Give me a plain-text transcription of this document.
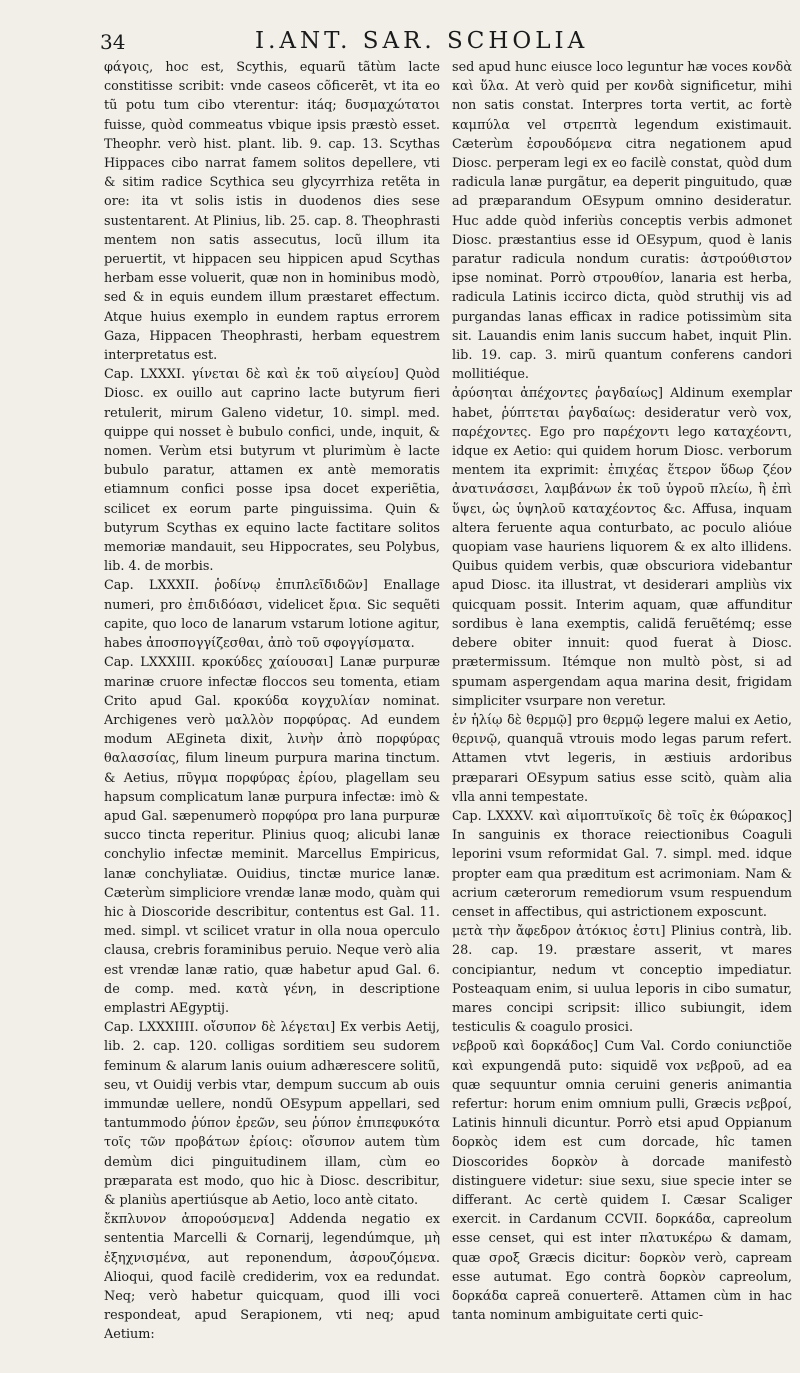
34	I.ANT. SAR. SCHOLIA

φάγοις, hoc est, Scythis, equarũ tãtùm lacte constitisse scribit: vnde caseos cõficerēt, vt ita eo tũ potu tum cibo vterentur: itáq; δυσμαχώτατοι fuisse, quòd commeatus vbique ipsis præstò esset. Theophr. verò hist. plant. lib. 9. cap. 13. Scythas Hippaces cibo narrat famem solitos depellere, vti & sitim radice Scythica seu glycyrrhiza retẽta in ore: ita vt solis istis in duodenos dies sese sustentarent. At Plinius, lib. 25. cap. 8. Theophrasti mentem non satis assecutus, locũ illum ita peruertit, vt hippacen seu hippicen apud Scythas herbam esse voluerit, quæ non in hominibus modò, sed & in equis eundem illum præstaret effectum. Atque huius exemplo in eundem raptus errorem Gaza, Hippacen Theophrasti, herbam equestrem interpretatus est.

Cap. LXXXI. γίνεται δὲ καὶ ἐκ τοῦ αἰγείου] Quòd Diosc. ex ouillo aut caprino lacte butyrum fieri retulerit, mirum Galeno videtur, 10. simpl. med. quippe qui nosset è bubulo confici, unde, inquit, & nomen. Verùm etsi butyrum vt plurimùm è lacte bubulo paratur, attamen ex antè memoratis etiamnum confici posse ipsa docet experiẽtia, scilicet ex eorum parte pinguissima. Quin & butyrum Scythas ex equino lacte factitare solitos memoriæ mandauit, seu Hippocrates, seu Polybus, lib. 4. de morbis.

Cap. LXXXII. ῥοδίνῳ ἐπιπλεῖδιδῶν] Enallage numeri, pro ἐπιδιδόασι, videlicet ἔρια. Sic sequẽti capite, quo loco de lanarum vstarum lotione agitur, habes ἀποσπογγίζεσθαι, ἀπὸ τοῦ σφογγίσματα.

Cap. LXXXIII. κροκύδες χαίουσαι] Lanæ purpuræ marinæ cruore infectæ floccos seu tomenta, etiam Crito apud Gal. κροκύδα κογχυλίαν nominat. Archigenes verò μαλλὸν πορφύρας. Ad eundem modum AEgineta dixit, λινὴν ἀπὸ πορφύρας θαλασσίας, filum lineum purpura marina tinctum. & Aetius, πῦγμα πορφύρας ἐρίου, plagellam seu hapsum complicatum lanæ purpura infectæ: imò & apud Gal. sæpenumerò πορφύρα pro lana purpuræ succo tincta reperitur. Plinius quoq; alicubi lanæ conchylio infectæ meminit. Marcellus Empiricus, lanæ conchyliatæ. Ouidius, tinctæ murice lanæ. Cæterùm simpliciore vrendæ lanæ modo, quàm qui hic à Dioscoride describitur, contentus est Gal. 11. med. simpl. vt scilicet vratur in olla noua operculo clausa, crebris foraminibus peruio. Neque verò alia est vrendæ lanæ ratio, quæ habetur apud Gal. 6. de comp. med. κατὰ γένη, in descriptione emplastri AEgyptij.

Cap. LXXXIIII. οἴσυπον δὲ λέγεται] Ex verbis Aetij, lib. 2. cap. 120. colligas sorditiem seu sudorem feminum & alarum lanis ouium adhærescere solitũ, seu, vt Ouidij verbis vtar, dempum succum ab ouis immundæ uellere, nondũ OEsypum appellari, sed tantummodo ῥύπον ἐρεῶν, seu ῥύπον ἐπιπεφυκότα τοῖς τῶν προβάτων ἐρίοις: οἴσυπον autem tùm demùm dici pinguitudinem illam, cùm eo præparata est modo, quo hic à Diosc. describitur, & planiùs apertiúsque ab Aetio, loco antè citato.

ἔκπλυνον ἀπορούσμενα] Addenda negatio ex sententia Marcelli & Cornarij, legendúmque, μὴ ἐξηχνισμένα, aut reponendum, ἀσρουζόμενα. Alioqui, quod facilè crediderim, vox ea redundat. Neq; verò habetur quicquam, quod illi voci respondeat, apud Serapionem, vti neq; apud Aetium:

sed apud hunc eiusce loco leguntur hæ voces κονδὰ καὶ ὕλα. At verò quid per κονδὰ significetur, mihi non satis constat. Interpres torta vertit, ac fortè καμπύλα vel στρεπτὰ legendum existimauit. Cæterùm ἐσρουδόμενα citra negationem apud Diosc. perperam legi ex eo facilè constat, quòd dum radicula lanæ purgãtur, ea deperit pinguitudo, quæ ad præparandum OEsypum omnino desideratur. Huc adde quòd inferiùs conceptis verbis admonet Diosc. præstantius esse id OEsypum, quod è lanis paratur radicula nondum curatis: ἀστρούθιστον ipse nominat. Porrò στρουθίον, lanaria est herba, radicula Latinis iccirco dicta, quòd struthij vis ad purgandas lanas efficax in radice potissimùm sita sit. Lauandis enim lanis succum habet, inquit Plin. lib. 19. cap. 3. mirũ quantum conferens candori mollitiéque.

ἀρύσηται ἀπέχοντες ῥαγδαίως] Aldinum exemplar habet, ῥύπτεται ῥαγδαίως: desideratur verò vox, παρέχοντες. Ego pro παρέχοντι lego καταχέοντι, idque ex Aetio: qui quidem horum Diosc. verborum mentem ita exprimit: ἐπιχέας ἕτερον ὕδωρ ζέον ἀνατινάσσει, λαμβάνων ἐκ τοῦ ὑγροῦ πλείω, ἢ ἐπὶ ὕψει, ὡς ὑψηλοῦ καταχέοντος &c. Affusa, inquam altera feruente aqua conturbato, ac poculo alióue quopiam vase hauriens liquorem & ex alto illidens. Quibus quidem verbis, quæ obscuriora videbantur apud Diosc. ita illustrat, vt desiderari ampliùs vix quicquam possit. Interim aquam, quæ affunditur sordibus è lana exemptis, calidã feruẽtémq; esse debere obiter innuit: quod fuerat à Diosc. prætermissum. Itémque non multò pòst, si ad spumam aspergendam aqua marina desit, frigidam simpliciter vsurpare non veretur.

ἐν ἡλίῳ δὲ θερμῷ] pro θερμῷ legere malui ex Aetio, θερινῷ, quanquã vtrouis modo legas parum refert. Attamen vtvt legeris, in æstiuis ardoribus præparari OEsypum satius esse scitò, quàm alia vlla anni tempestate.

Cap. LXXXV. καὶ αἱμοπτυϊκοῖς δὲ τοῖς ἐκ θώρακος] In sanguinis ex thorace reiectionibus Coaguli leporini vsum reformidat Gal. 7. simpl. med. idque propter eam qua præditum est acrimoniam. Nam & acrium cæterorum remediorum vsum respuendum censet in affectibus, qui astrictionem exposcunt.

μετὰ τὴν ἄφεδρον ἀτόκιος ἐστι] Plinius contrà, lib. 28. cap. 19. præstare asserit, vt mares concipiantur, nedum vt conceptio impediatur. Posteaquam enim, si uulua leporis in cibo sumatur, mares concipi scripsit: illico subiungit, idem testiculis & coagulo prosici.

νεβροῦ καὶ δορκάδος] Cum Val. Cordo coniunctiõe καὶ expungendã puto: siquidẽ vox νεβροῦ, ad ea quæ sequuntur omnia ceruini generis animantia refertur: horum enim omnium pulli, Græcis νεβροί, Latinis hinnuli dicuntur. Porrò etsi apud Oppianum δορκὸς idem est cum dorcade, hîc tamen Dioscorides δορκὸν à dorcade manifestò distinguere videtur: siue sexu, siue specie inter se differant. Ac certè quidem I. Cæsar Scaliger exercit. in Cardanum CCVII. δορκάδα, capreolum esse censet, qui est inter πλατυκέρω & damam, quæ σροξ Græcis dicitur: δορκὸν verò, capream esse autumat. Ego contrà δορκὸν capreolum, δορκάδα capreã conuerterẽ. Attamen cùm in hac tanta nominum ambiguitate certi quic-
